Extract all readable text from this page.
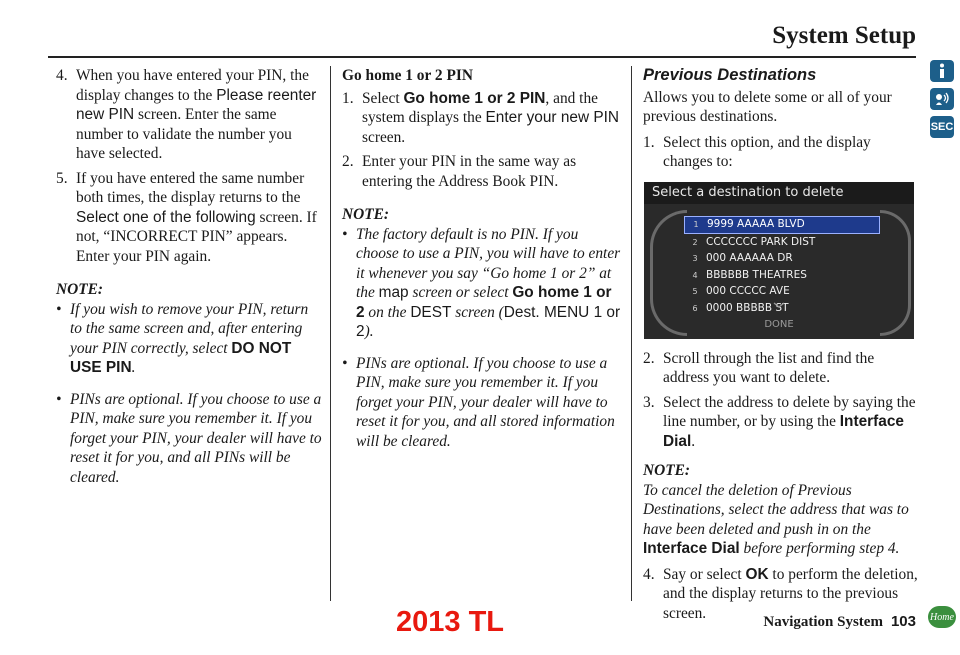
System Setup
SEC
4. When you have entered your PIN, the display changes to the Please reenter new PIN screen. Enter the same number to validate the number you have selected.

5. If you have entered the same number both times, the display returns to the Select one of the following screen. If not, “INCORRECT PIN” appears. Enter your PIN again.

NOTE:

• If you wish to remove your PIN, return to the same screen and, after entering your PIN correctly, select DO NOT USE PIN.

• PINs are optional. If you choose to use a PIN, make sure you remember it. If you forget your PIN, your dealer will have to reset it for you, and all PINs will be cleared.

Go home 1 or 2 PIN

1. Select Go home 1 or 2 PIN, and the system displays the Enter your new PIN screen.

2. Enter your PIN in the same way as entering the Address Book PIN.

NOTE:

• The factory default is no PIN. If you choose to use a PIN, you will have to enter it whenever you say “Go home 1 or 2” at the map screen or select Go home 1 or 2 on the DEST screen (Dest. MENU 1 or 2).

• PINs are optional. If you choose to use a PIN, make sure you remember it. If you forget your PIN, your dealer will have to reset it for you, and all stored information will be cleared.

Previous Destinations

Allows you to delete some or all of your previous destinations.

1. Select this option, and the display changes to:

Select a destination to delete
1 9999 AAAAA BLVD
2 CCCCCCC PARK DIST
3 000 AAAAAA DR
4 BBBBBB THEATRES
5 000 CCCCC AVE
6 0000 BBBBB ST

DONE
2. Scroll through the list and find the address you want to delete.

3. Select the address to delete by saying the line number, or by using the Interface Dial.

NOTE:

To cancel the deletion of Previous Destinations, select the address that was to have been deleted and push in on the Interface Dial before performing step 4.

4. Say or select OK to perform the deletion, and the display returns to the previous screen.

2013 TL	Navigation System 103 Home
